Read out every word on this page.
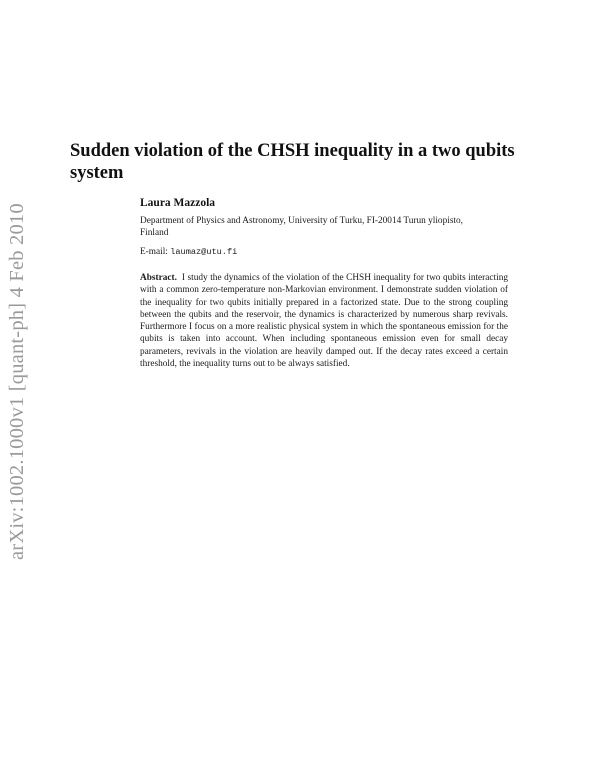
arXiv:1002.1000v1 [quant-ph] 4 Feb 2010
Sudden violation of the CHSH inequality in a two qubits system

Laura Mazzola

Department of Physics and Astronomy, University of Turku, FI-20014 Turun yliopisto, Finland

E-mail: laumaz@utu.fi

Abstract. I study the dynamics of the violation of the CHSH inequality for two qubits interacting with a common zero-temperature non-Markovian environment. I demonstrate sudden violation of the inequality for two qubits initially prepared in a factorized state. Due to the strong coupling between the qubits and the reservoir, the dynamics is characterized by numerous sharp revivals. Furthermore I focus on a more realistic physical system in which the spontaneous emission for the qubits is taken into account. When including spontaneous emission even for small decay parameters, revivals in the violation are heavily damped out. If the decay rates exceed a certain threshold, the inequality turns out to be always satisfied.
